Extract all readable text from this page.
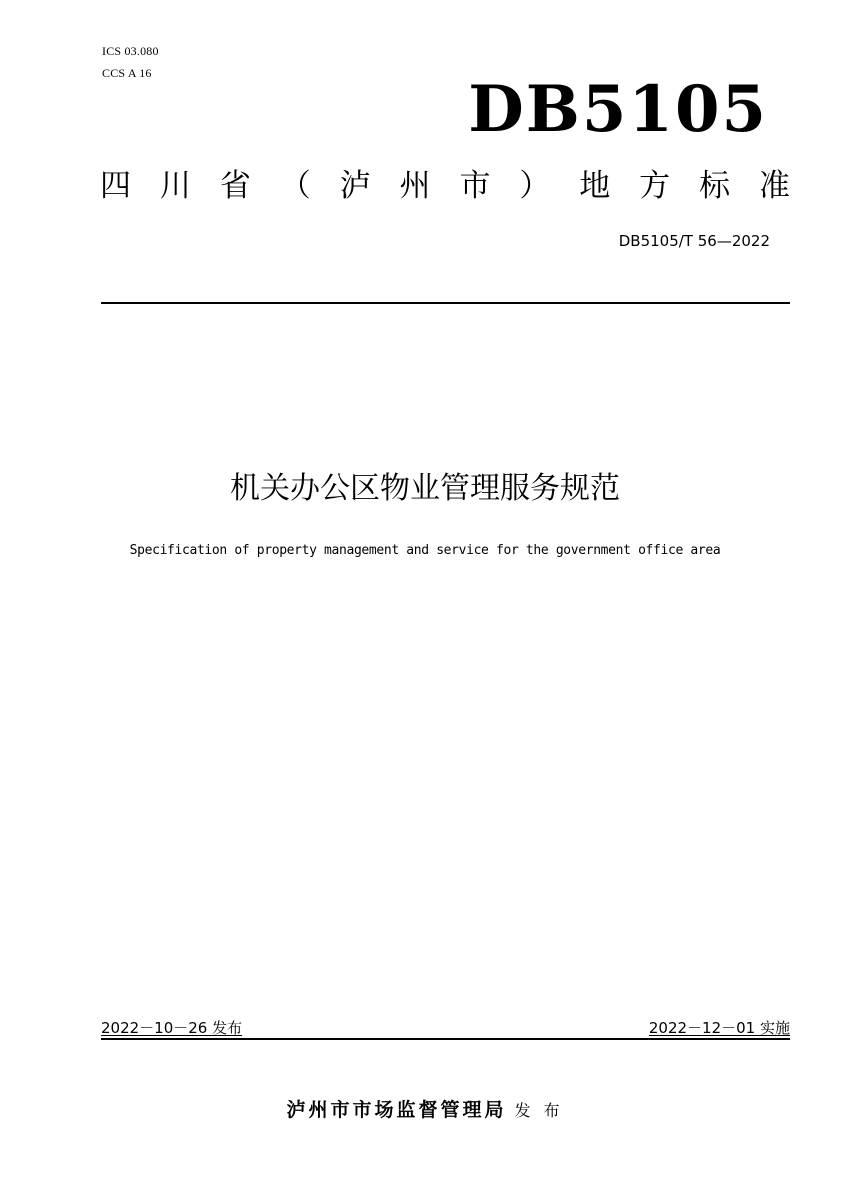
ICS 03.080
CCS A 16	DB5105
四 川 省 （ 泸 州 市 ） 地 方 标 准
DB5105/T 56—2022
机关办公区物业管理服务规范
Specification of property management and service for the government office area
2022－10－26 发布	2022－12－01 实施
泸州市市场监督管理局 发 布
